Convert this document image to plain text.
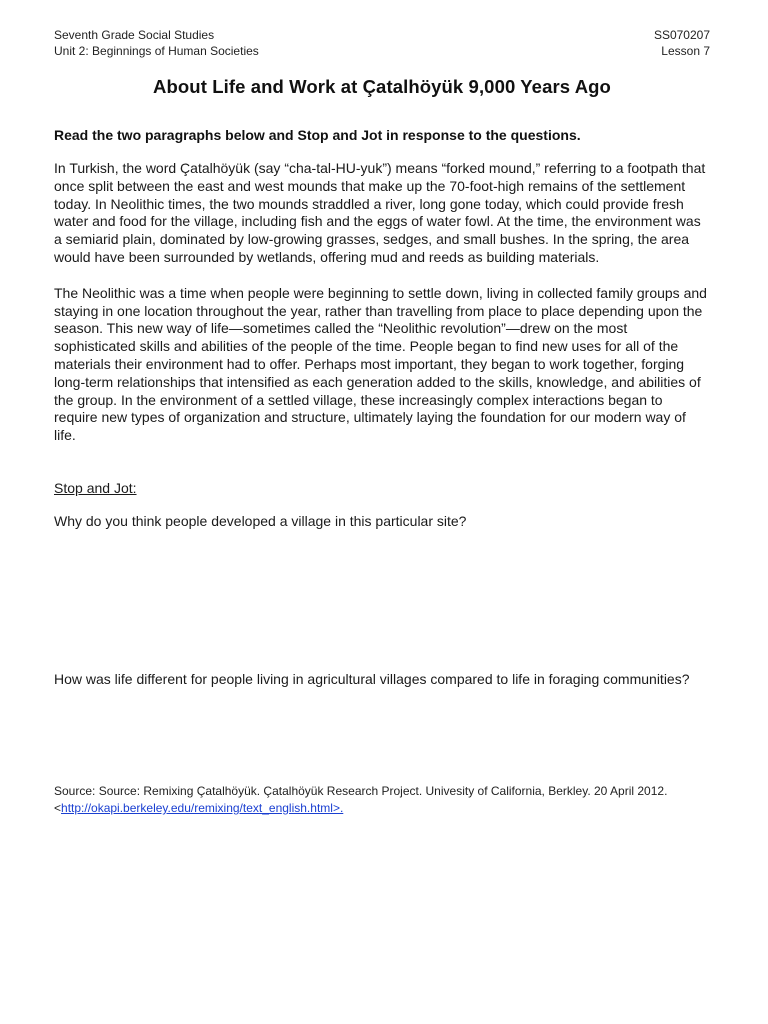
Seventh Grade Social Studies
Unit 2: Beginnings of Human Societies
SS070207
Lesson 7
About Life and Work at Çatalhöyük 9,000 Years Ago
Read the two paragraphs below and Stop and Jot in response to the questions.

In Turkish, the word Çatalhöyük (say “cha-tal-HU-yuk”) means “forked mound,” referring to a footpath that once split between the east and west mounds that make up the 70-foot-high remains of the settlement today. In Neolithic times, the two mounds straddled a river, long gone today, which could provide fresh water and food for the village, including fish and the eggs of water fowl. At the time, the environment was a semiarid plain, dominated by low-growing grasses, sedges, and small bushes. In the spring, the area would have been surrounded by wetlands, offering mud and reeds as building materials.

The Neolithic was a time when people were beginning to settle down, living in collected family groups and staying in one location throughout the year, rather than travelling from place to place depending upon the season. This new way of life—sometimes called the “Neolithic revolution”—drew on the most sophisticated skills and abilities of the people of the time. People began to find new uses for all of the materials their environment had to offer. Perhaps most important, they began to work together, forging long-term relationships that intensified as each generation added to the skills, knowledge, and abilities of the group. In the environment of a settled village, these increasingly complex interactions began to require new types of organization and structure, ultimately laying the foundation for our modern way of life.

Stop and Jot:
Why do you think people developed a village in this particular site?
How was life different for people living in agricultural villages compared to life in foraging communities?
Source: Source: Remixing Çatalhöyük. Çatalhöyük Research Project. Univesity of California, Berkley. 20 April 2012.
<http://okapi.berkeley.edu/remixing/text_english.html>.
